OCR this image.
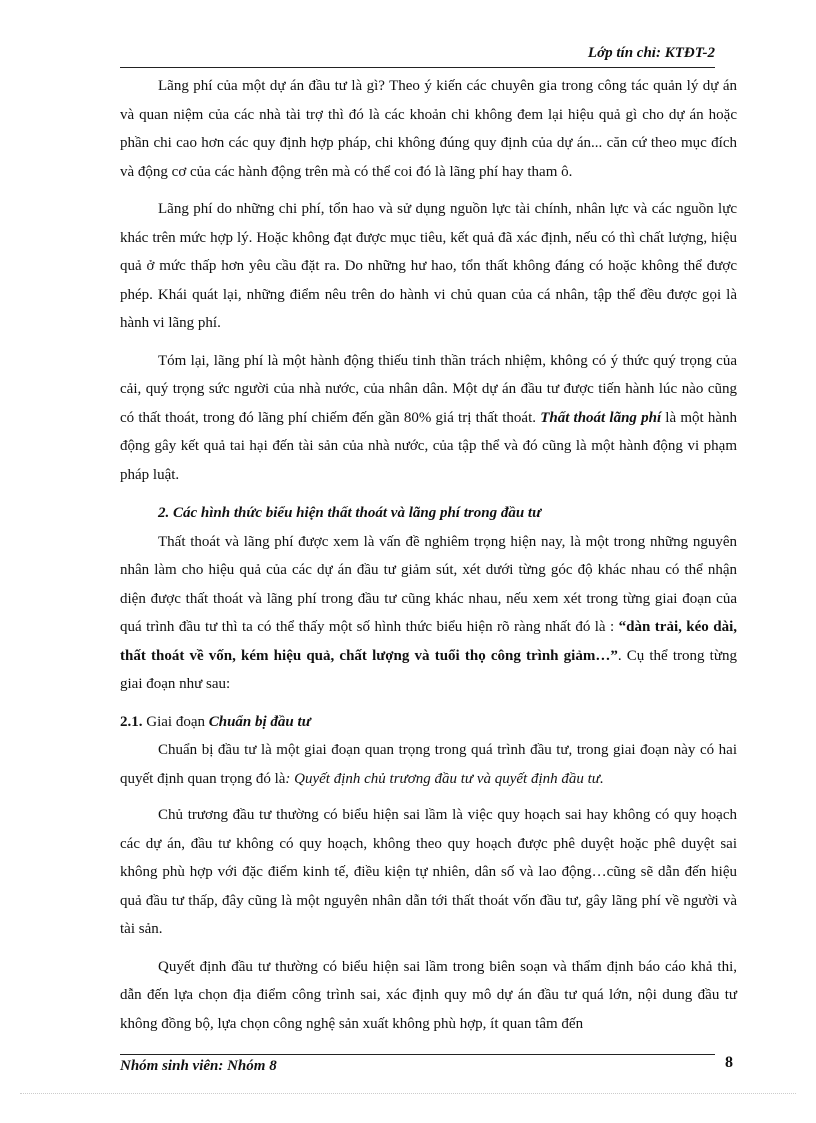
Lớp tín chỉ: KTĐT-2

Lãng phí của một dự án đầu tư là gì? Theo ý kiến các chuyên gia trong công tác quản lý dự án và quan niệm của các nhà tài trợ thì đó là các khoản chi không đem lại hiệu quả gì cho dự án hoặc phần chi cao hơn các quy định hợp pháp, chi không đúng quy định của dự án... căn cứ theo mục đích và động cơ của các hành động trên mà có thể coi đó là lãng phí hay tham ô.

Lãng phí do những chi phí, tổn hao và sử dụng nguồn lực tài chính, nhân lực và các nguồn lực khác trên mức hợp lý. Hoặc không đạt được mục tiêu, kết quả đã xác định, nếu có thì chất lượng, hiệu quả ở mức thấp hơn yêu cầu đặt ra. Do những hư hao, tổn thất không đáng có hoặc không thể được phép. Khái quát lại, những điểm nêu trên do hành vi chủ quan của cá nhân, tập thể đều được gọi là hành vi lãng phí.

Tóm lại, lãng phí là một hành động thiếu tinh thần trách nhiệm, không có ý thức quý trọng của cải, quý trọng sức người của nhà nước, của nhân dân. Một dự án đầu tư được tiến hành lúc nào cũng có thất thoát, trong đó lãng phí chiếm đến gần 80% giá trị thất thoát. Thất thoát lãng phí là một hành động gây kết quả tai hại đến tài sản của nhà nước, của tập thể và đó cũng là một hành động vi phạm pháp luật.

2. Các hình thức biểu hiện thất thoát và lãng phí trong đầu tư

Thất thoát và lãng phí được xem là vấn đề nghiêm trọng hiện nay, là một trong những nguyên nhân làm cho hiệu quả của các dự án đầu tư giảm sút, xét dưới từng góc độ khác nhau có thể nhận diện được thất thoát và lãng phí trong đầu tư cũng khác nhau, nếu xem xét trong từng giai đoạn của quá trình đầu tư thì ta có thể thấy một số hình thức biểu hiện rõ ràng nhất đó là : “dàn trải, kéo dài, thất thoát về vốn, kém hiệu quả, chất lượng và tuổi thọ công trình giảm…”. Cụ thể trong từng giai đoạn như sau:

2.1. Giai đoạn Chuẩn bị đầu tư

Chuẩn bị đầu tư là một giai đoạn quan trọng trong quá trình đầu tư, trong giai đoạn này có hai quyết định quan trọng đó là: Quyết định chủ trương đầu tư và quyết định đầu tư.

Chủ trương đầu tư thường có biểu hiện sai lầm là việc quy hoạch sai hay không có quy hoạch các dự án, đầu tư không có quy hoạch, không theo quy hoạch được phê duyệt hoặc phê duyệt sai không phù hợp với đặc điểm kinh tế, điều kiện tự nhiên, dân số và lao động…cũng sẽ dẫn đến hiệu quả đầu tư thấp, đây cũng là một nguyên nhân dẫn tới thất thoát vốn đầu tư, gây lãng phí về người và tài sản.

Quyết định đầu tư thường có biểu hiện sai lầm trong biên soạn và thẩm định báo cáo khả thi, dẫn đến lựa chọn địa điểm công trình sai, xác định quy mô dự án đầu tư quá lớn, nội dung đầu tư không đồng bộ, lựa chọn công nghệ sản xuất không phù hợp, ít quan tâm đến

Nhóm sinh viên: Nhóm 8	8
